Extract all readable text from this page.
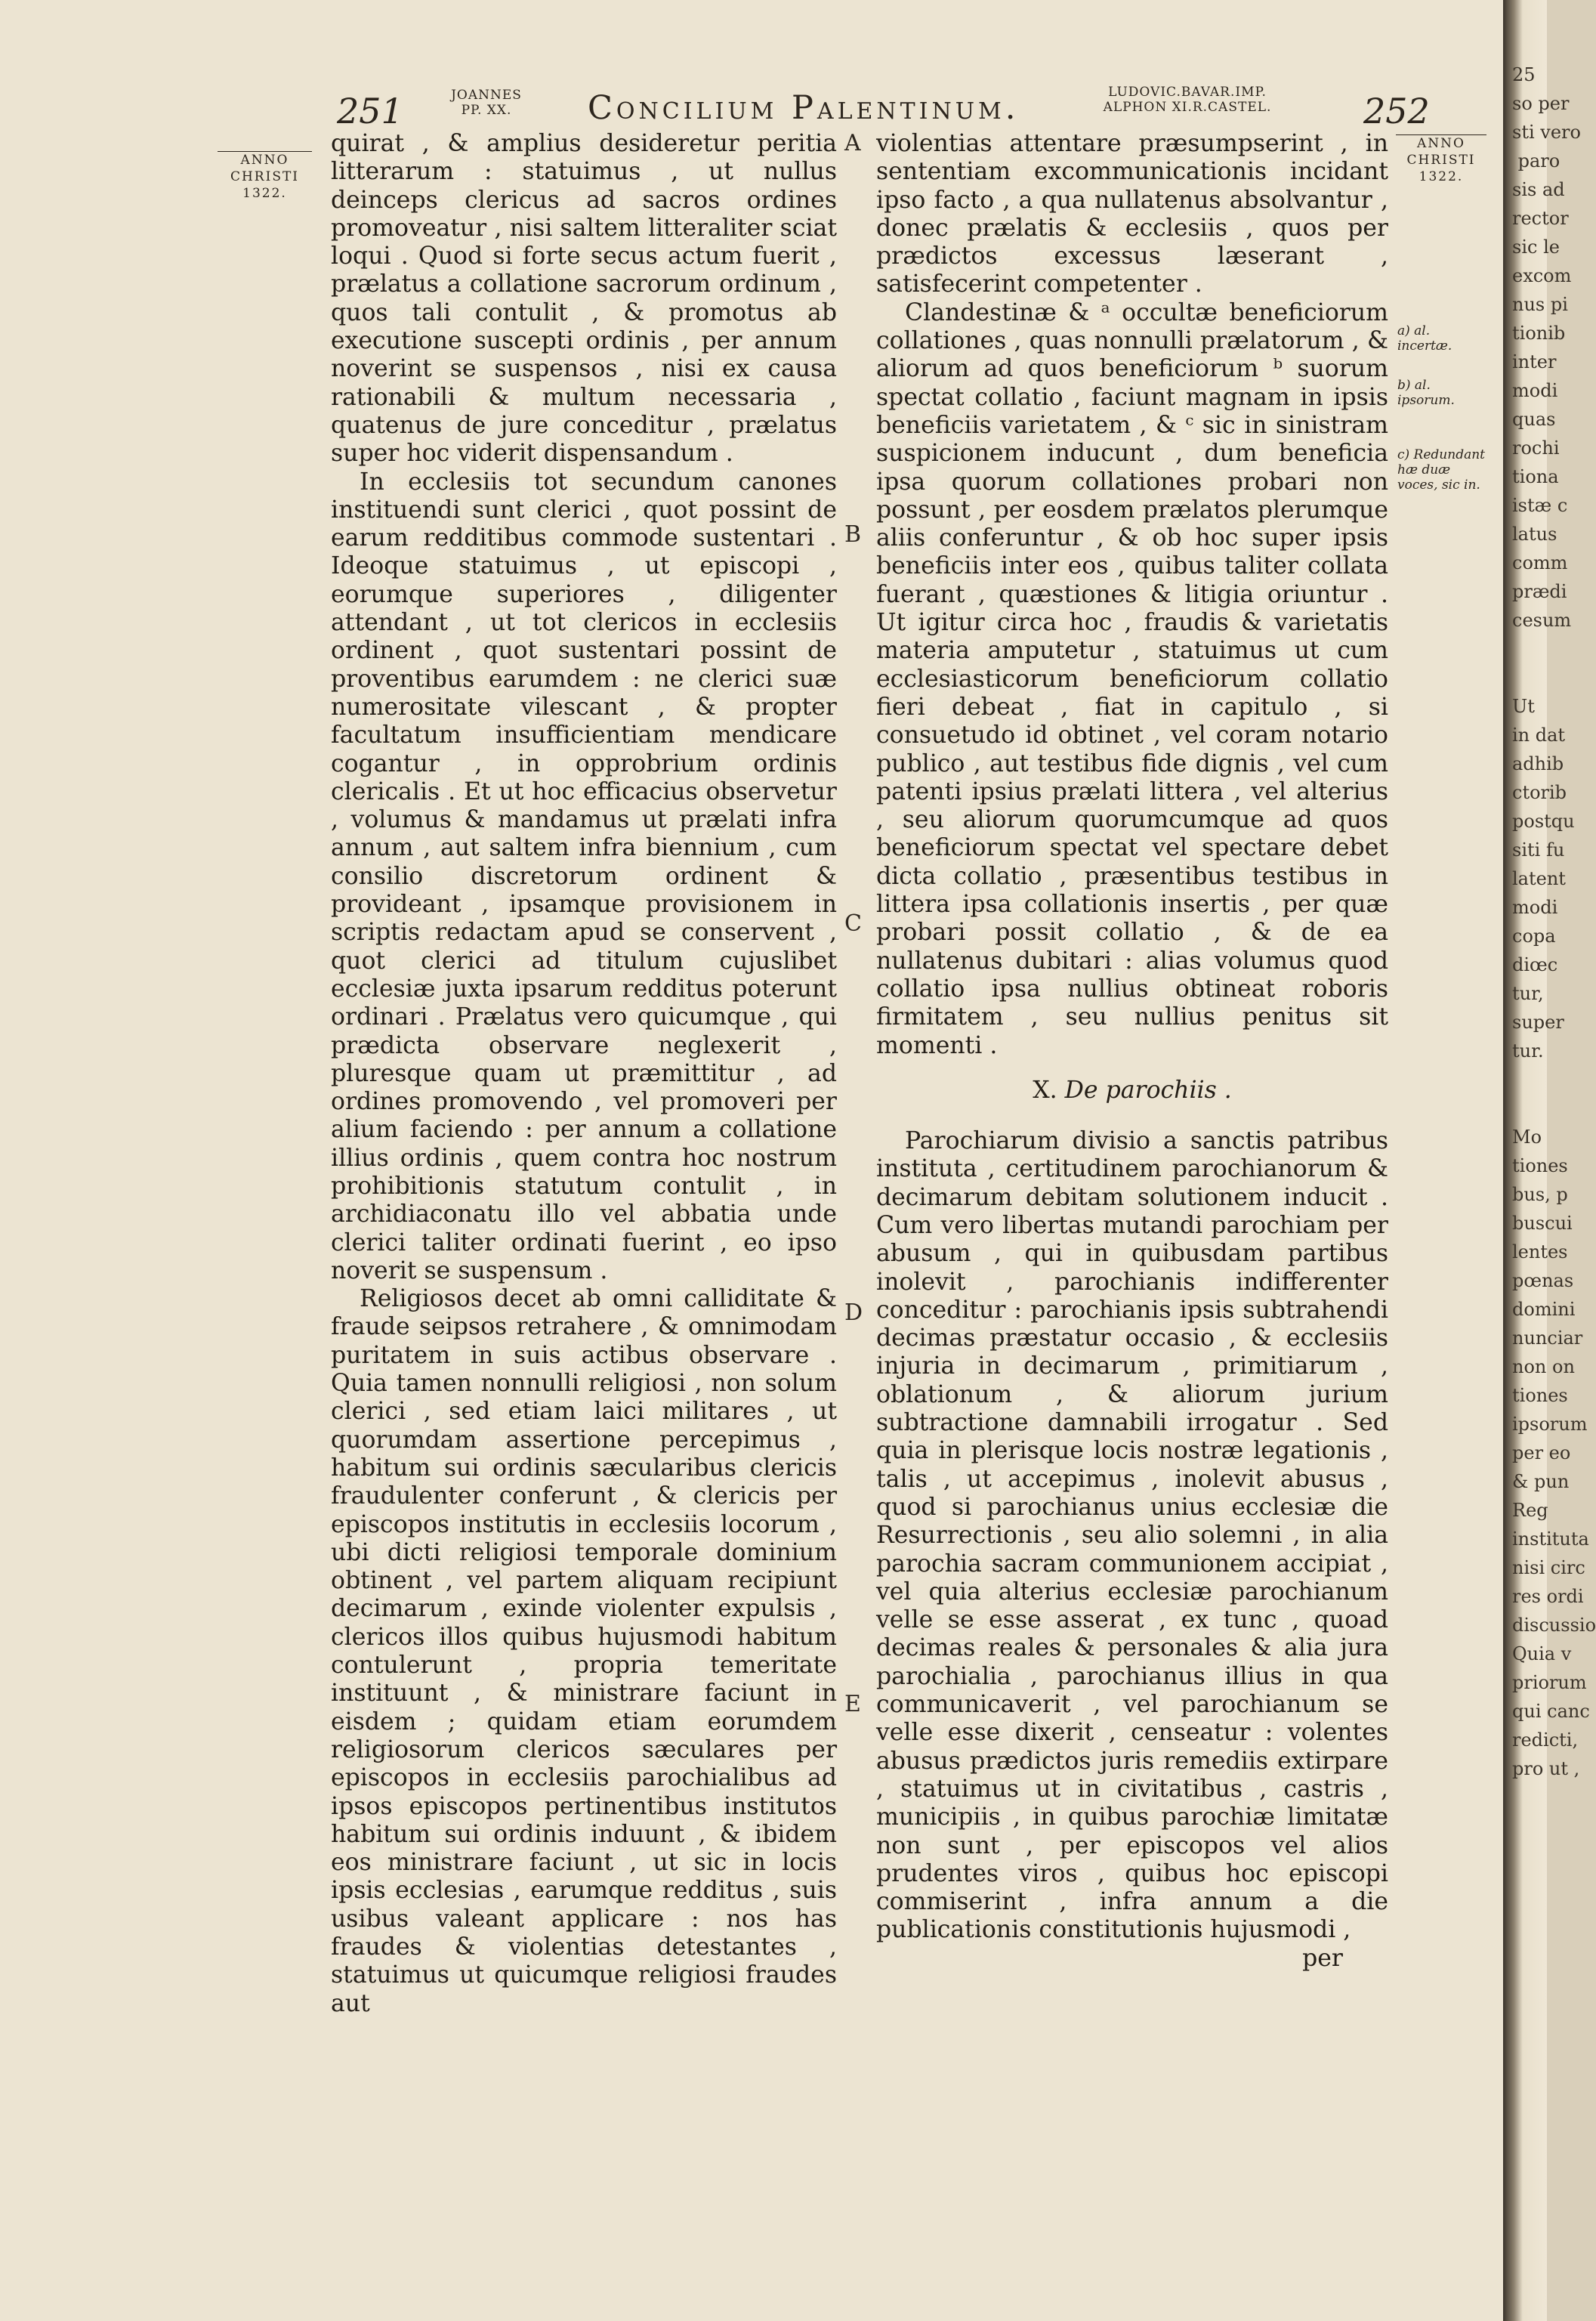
251	JOANNES PP. XX.	Concilium Palentinum.	LUDOVIC.BAVAR.IMP.
ALPHON XI.R.CASTEL.	252
ANNO
CHRISTI
1322.
ANNO
CHRISTI
1322.
A
B
C
D
E
a) al. incertæ.
b) al. ipsorum.
c) Redundant hæ duæ voces, sic in.

quirat , & amplius desideretur peritia litterarum : statuimus , ut nullus deinceps clericus ad sacros ordines promoveatur , nisi saltem litteraliter sciat loqui . Quod si forte secus actum fuerit , prælatus a collatione sacrorum ordinum , quos tali contulit , & promotus ab executione suscepti ordinis , per annum noverint se suspensos , nisi ex causa rationabili & multum necessaria , quatenus de jure conceditur , prælatus super hoc viderit dispensandum .

In ecclesiis tot secundum canones instituendi sunt clerici , quot possint de earum redditibus commode sustentari . Ideoque statuimus , ut episcopi , eorumque superiores , diligenter attendant , ut tot clericos in ecclesiis ordinent , quot sustentari possint de proventibus earumdem : ne clerici suæ numerositate vilescant , & propter facultatum insufficientiam mendicare cogantur , in opprobrium ordinis clericalis . Et ut hoc efficacius observetur , volumus & mandamus ut prælati infra annum , aut saltem infra biennium , cum consilio discretorum ordinent & provideant , ipsamque provisionem in scriptis redactam apud se conservent , quot clerici ad titulum cujuslibet ecclesiæ juxta ipsarum redditus poterunt ordinari . Prælatus vero quicumque , qui prædicta observare neglexerit , pluresque quam ut præmittitur , ad ordines promovendo , vel promoveri per alium faciendo : per annum a collatione illius ordinis , quem contra hoc nostrum prohibitionis statutum contulit , in archidiaconatu illo vel abbatia unde clerici taliter ordinati fuerint , eo ipso noverit se suspensum .

Religiosos decet ab omni calliditate & fraude seipsos retrahere , & omnimodam puritatem in suis actibus observare . Quia tamen nonnulli religiosi , non solum clerici , sed etiam laici militares , ut quorumdam assertione percepimus , habitum sui ordinis sæcularibus clericis fraudulenter conferunt , & clericis per episcopos institutis in ecclesiis locorum , ubi dicti religiosi temporale dominium obtinent , vel partem aliquam recipiunt decimarum , exinde violenter expulsis , clericos illos quibus hujusmodi habitum contulerunt , propria temeritate instituunt , & ministrare faciunt in eisdem ; quidam etiam eorumdem religiosorum clericos sæculares per episcopos in ecclesiis parochialibus ad ipsos episcopos pertinentibus institutos habitum sui ordinis induunt , & ibidem eos ministrare faciunt , ut sic in locis ipsis ecclesias , earumque redditus , suis usibus valeant applicare : nos has fraudes & violentias detestantes , statuimus ut quicumque religiosi fraudes aut

violentias attentare præsumpserint , in sententiam excommunicationis incidant ipso facto , a qua nullatenus absolvantur , donec prælatis & ecclesiis , quos per prædictos excessus læserant , satisfecerint competenter .

Clandestinæ & ᵃ occultæ beneficiorum collationes , quas nonnulli prælatorum , & aliorum ad quos beneficiorum ᵇ suorum spectat collatio , faciunt magnam in ipsis beneficiis varietatem , & ᶜ sic in sinistram suspicionem inducunt , dum beneficia ipsa quorum collationes probari non possunt , per eosdem prælatos plerumque aliis conferuntur , & ob hoc super ipsis beneficiis inter eos , quibus taliter collata fuerant , quæstiones & litigia oriuntur . Ut igitur circa hoc , fraudis & varietatis materia amputetur , statuimus ut cum ecclesiasticorum beneficiorum collatio fieri debeat , fiat in capitulo , si consuetudo id obtinet , vel coram notario publico , aut testibus fide dignis , vel cum patenti ipsius prælati littera , vel alterius , seu aliorum quorumcumque ad quos beneficiorum spectat vel spectare debet dicta collatio , præsentibus testibus in littera ipsa collationis insertis , per quæ probari possit collatio , & de ea nullatenus dubitari : alias volumus quod collatio ipsa nullius obtineat roboris firmitatem , seu nullius penitus sit momenti .

X. De parochiis .

Parochiarum divisio a sanctis patribus instituta , certitudinem parochianorum & decimarum debitam solutionem inducit . Cum vero libertas mutandi parochiam per abusum , qui in quibusdam partibus inolevit , parochianis indifferenter conceditur : parochianis ipsis subtrahendi decimas præstatur occasio , & ecclesiis injuria in decimarum , primitiarum , oblationum , & aliorum jurium subtractione damnabili irrogatur . Sed quia in plerisque locis nostræ legationis , talis , ut accepimus , inolevit abusus , quod si parochianus unius ecclesiæ die Resurrectionis , seu alio solemni , in alia parochia sacram communionem accipiat , vel quia alterius ecclesiæ parochianum velle se esse asserat , ex tunc , quoad decimas reales & personales & alia jura parochialia , parochianus illius in qua communicaverit , vel parochianum se velle esse dixerit , censeatur : volentes abusus prædictos juris remediis extirpare , statuimus ut in civitatibus , castris , municipiis , in quibus parochiæ limitatæ non sunt , per episcopos vel alios prudentes viros , quibus hoc episcopi commiserint , infra annum a die publicationis constitutionis hujusmodi ,

per

25
so per
sti vero
paro
sis ad
rector
sic le
excom
nus pi
tionib
inter
modi
quas
rochi
tiona
istæ c
latus
comm
prædi
cesum

Ut
in dat
adhib
ctorib
postqu
siti fu
latent
modi
copa
diœc
tur,
super
tur.

Mo
tiones
bus, p
buscui
lentes
pœnas
domini
nunciar
non on
tiones
ipsorum
per eo
& pun
Reg
instituta
nisi circ
res ordi
discussio
Quia v
priorum
qui canc
redicti,
pro ut ,
